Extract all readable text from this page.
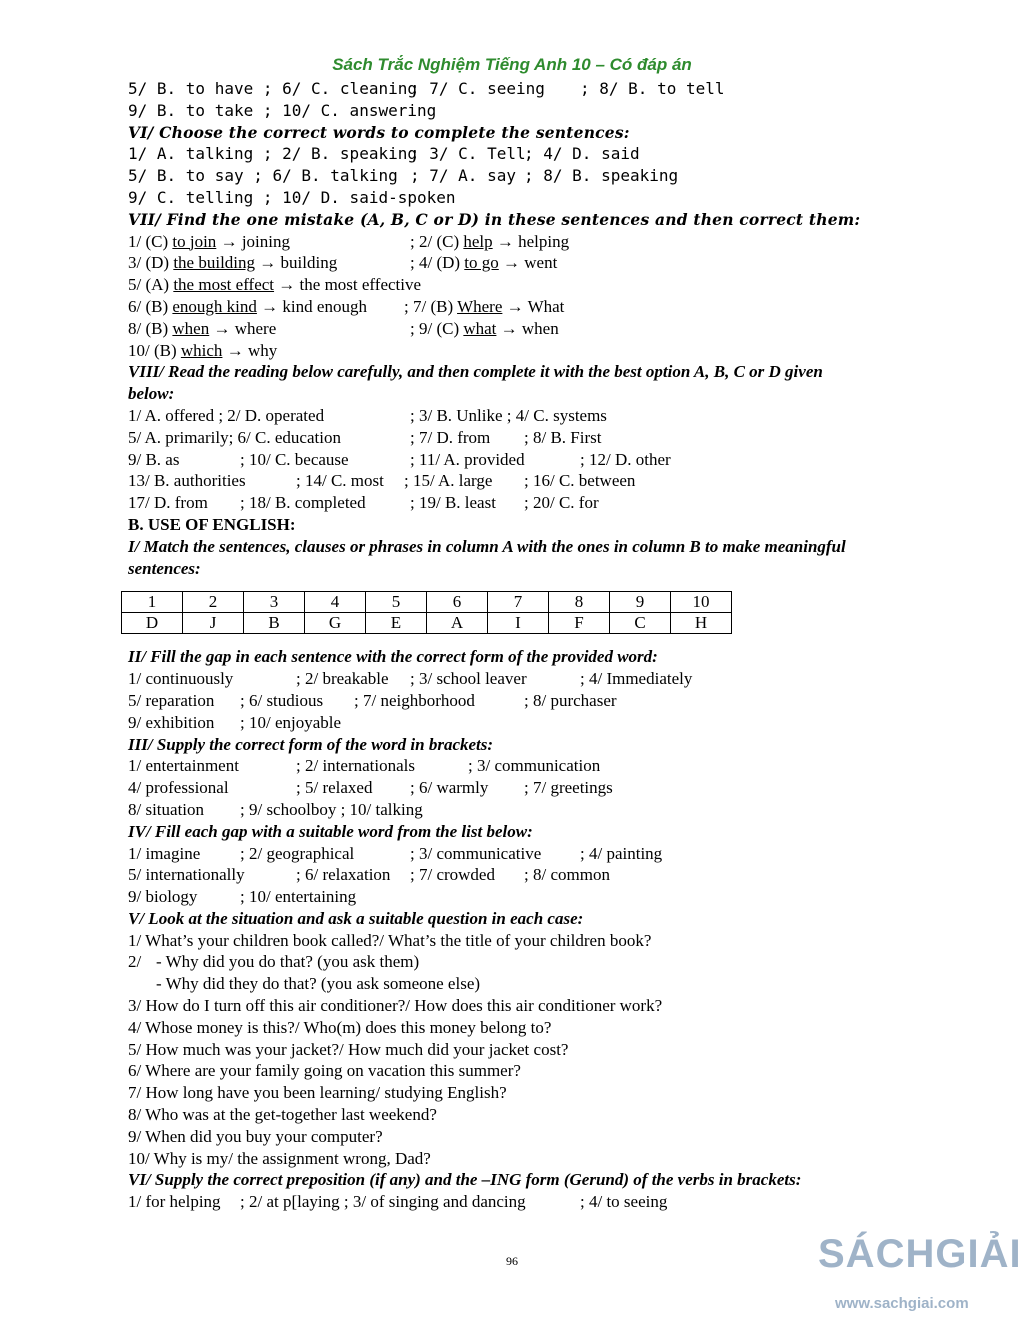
Sách Trắc Nghiệm Tiếng Anh 10 – Có đáp án
5/ B. to have ; 6/ C. cleaning
; 7/ C. seeing ; 8/ B. to tell
9/ B. to take ; 10/ C. answering
VI/ Choose the correct words to complete the sentences:
1/ A. talking ; 2/ B. speaking
; 3/ C. Tell
; 4/ D. said
5/ B. to say ; 6/ B. talking ; 7/ A. say ; 8/ B. speaking
9/ C. telling ; 10/ D. said-spoken
VII/ Find the one mistake (A, B, C or D) in these sentences and then correct them:
1/ (C) to join → joining	; 2/ (C) help → helping
3/ (D) the building → building	; 4/ (D) to go → went
5/ (A) the most effect → the most effective
6/ (B) enough kind → kind enough ; 7/ (B) Where → What
8/ (B) when → where	; 9/ (C) what → when
10/ (B) which → why
VIII/ Read the reading below carefully, and then complete it with the best option A, B, C or D given
below:
1/ A. offered ; 2/ D. operated	; 3/ B. Unlike ; 4/ C. systems
5/ A. primarily; 6/ C. education	; 7/ D. from ; 8/ B. First
9/ B. as	; 10/ C. because	; 11/ A. provided	; 12/ D. other
13/ B. authorities	; 14/ C. most ; 15/ A. large ; 16/ C. between
17/ D. from ; 18/ B. completed	; 19/ B. least ; 20/ C. for
B. USE OF ENGLISH:
I/ Match the sentences, clauses or phrases in column A with the ones in column B to make meaningful
sentences:
1	2	3	4	5	6	7	8	9	10
D	J	B	G	E	A	I	F	C	H
II/ Fill the gap in each sentence with the correct form of the provided word:
1/ continuously	; 2/ breakable ; 3/ school leaver	; 4/ Immediately
5/ reparation ; 6/ studious ; 7/ neighborhood	; 8/ purchaser
9/ exhibition ; 10/ enjoyable
III/ Supply the correct form of the word in brackets:
1/ entertainment	; 2/ internationals	; 3/ communication
4/ professional	; 5/ relaxed ; 6/ warmly ; 7/ greetings
8/ situation ; 9/ schoolboy ; 10/ talking
IV/ Fill each gap with a suitable word from the list below:
1/ imagine ; 2/ geographical	; 3/ communicative ; 4/ painting
5/ internationally	; 6/ relaxation ; 7/ crowded ; 8/ common
9/ biology	; 10/ entertaining
V/ Look at the situation and ask a suitable question in each case:
1/ What’s your children book called?/ What’s the title of your children book?
2/ - Why did you do that? (you ask them)
- Why did they do that? (you ask someone else)
3/ How do I turn off this air conditioner?/ How does this air conditioner work?
4/ Whose money is this?/ Who(m) does this money belong to?
5/ How much was your jacket?/ How much did your jacket cost?
6/ Where are your family going on vacation this summer?
7/ How long have you been learning/ studying English?
8/ Who was at the get-together last weekend?
9/ When did you buy your computer?
10/ Why is my/ the assignment wrong, Dad?
VI/ Supply the correct preposition (if any) and the –ING form (Gerund) of the verbs in brackets:
1/ for helping ; 2/ at p[laying ; 3/ of singing and dancing	; 4/ to seeing
96	SÁCHGIẢI
www.sachgiai.com
